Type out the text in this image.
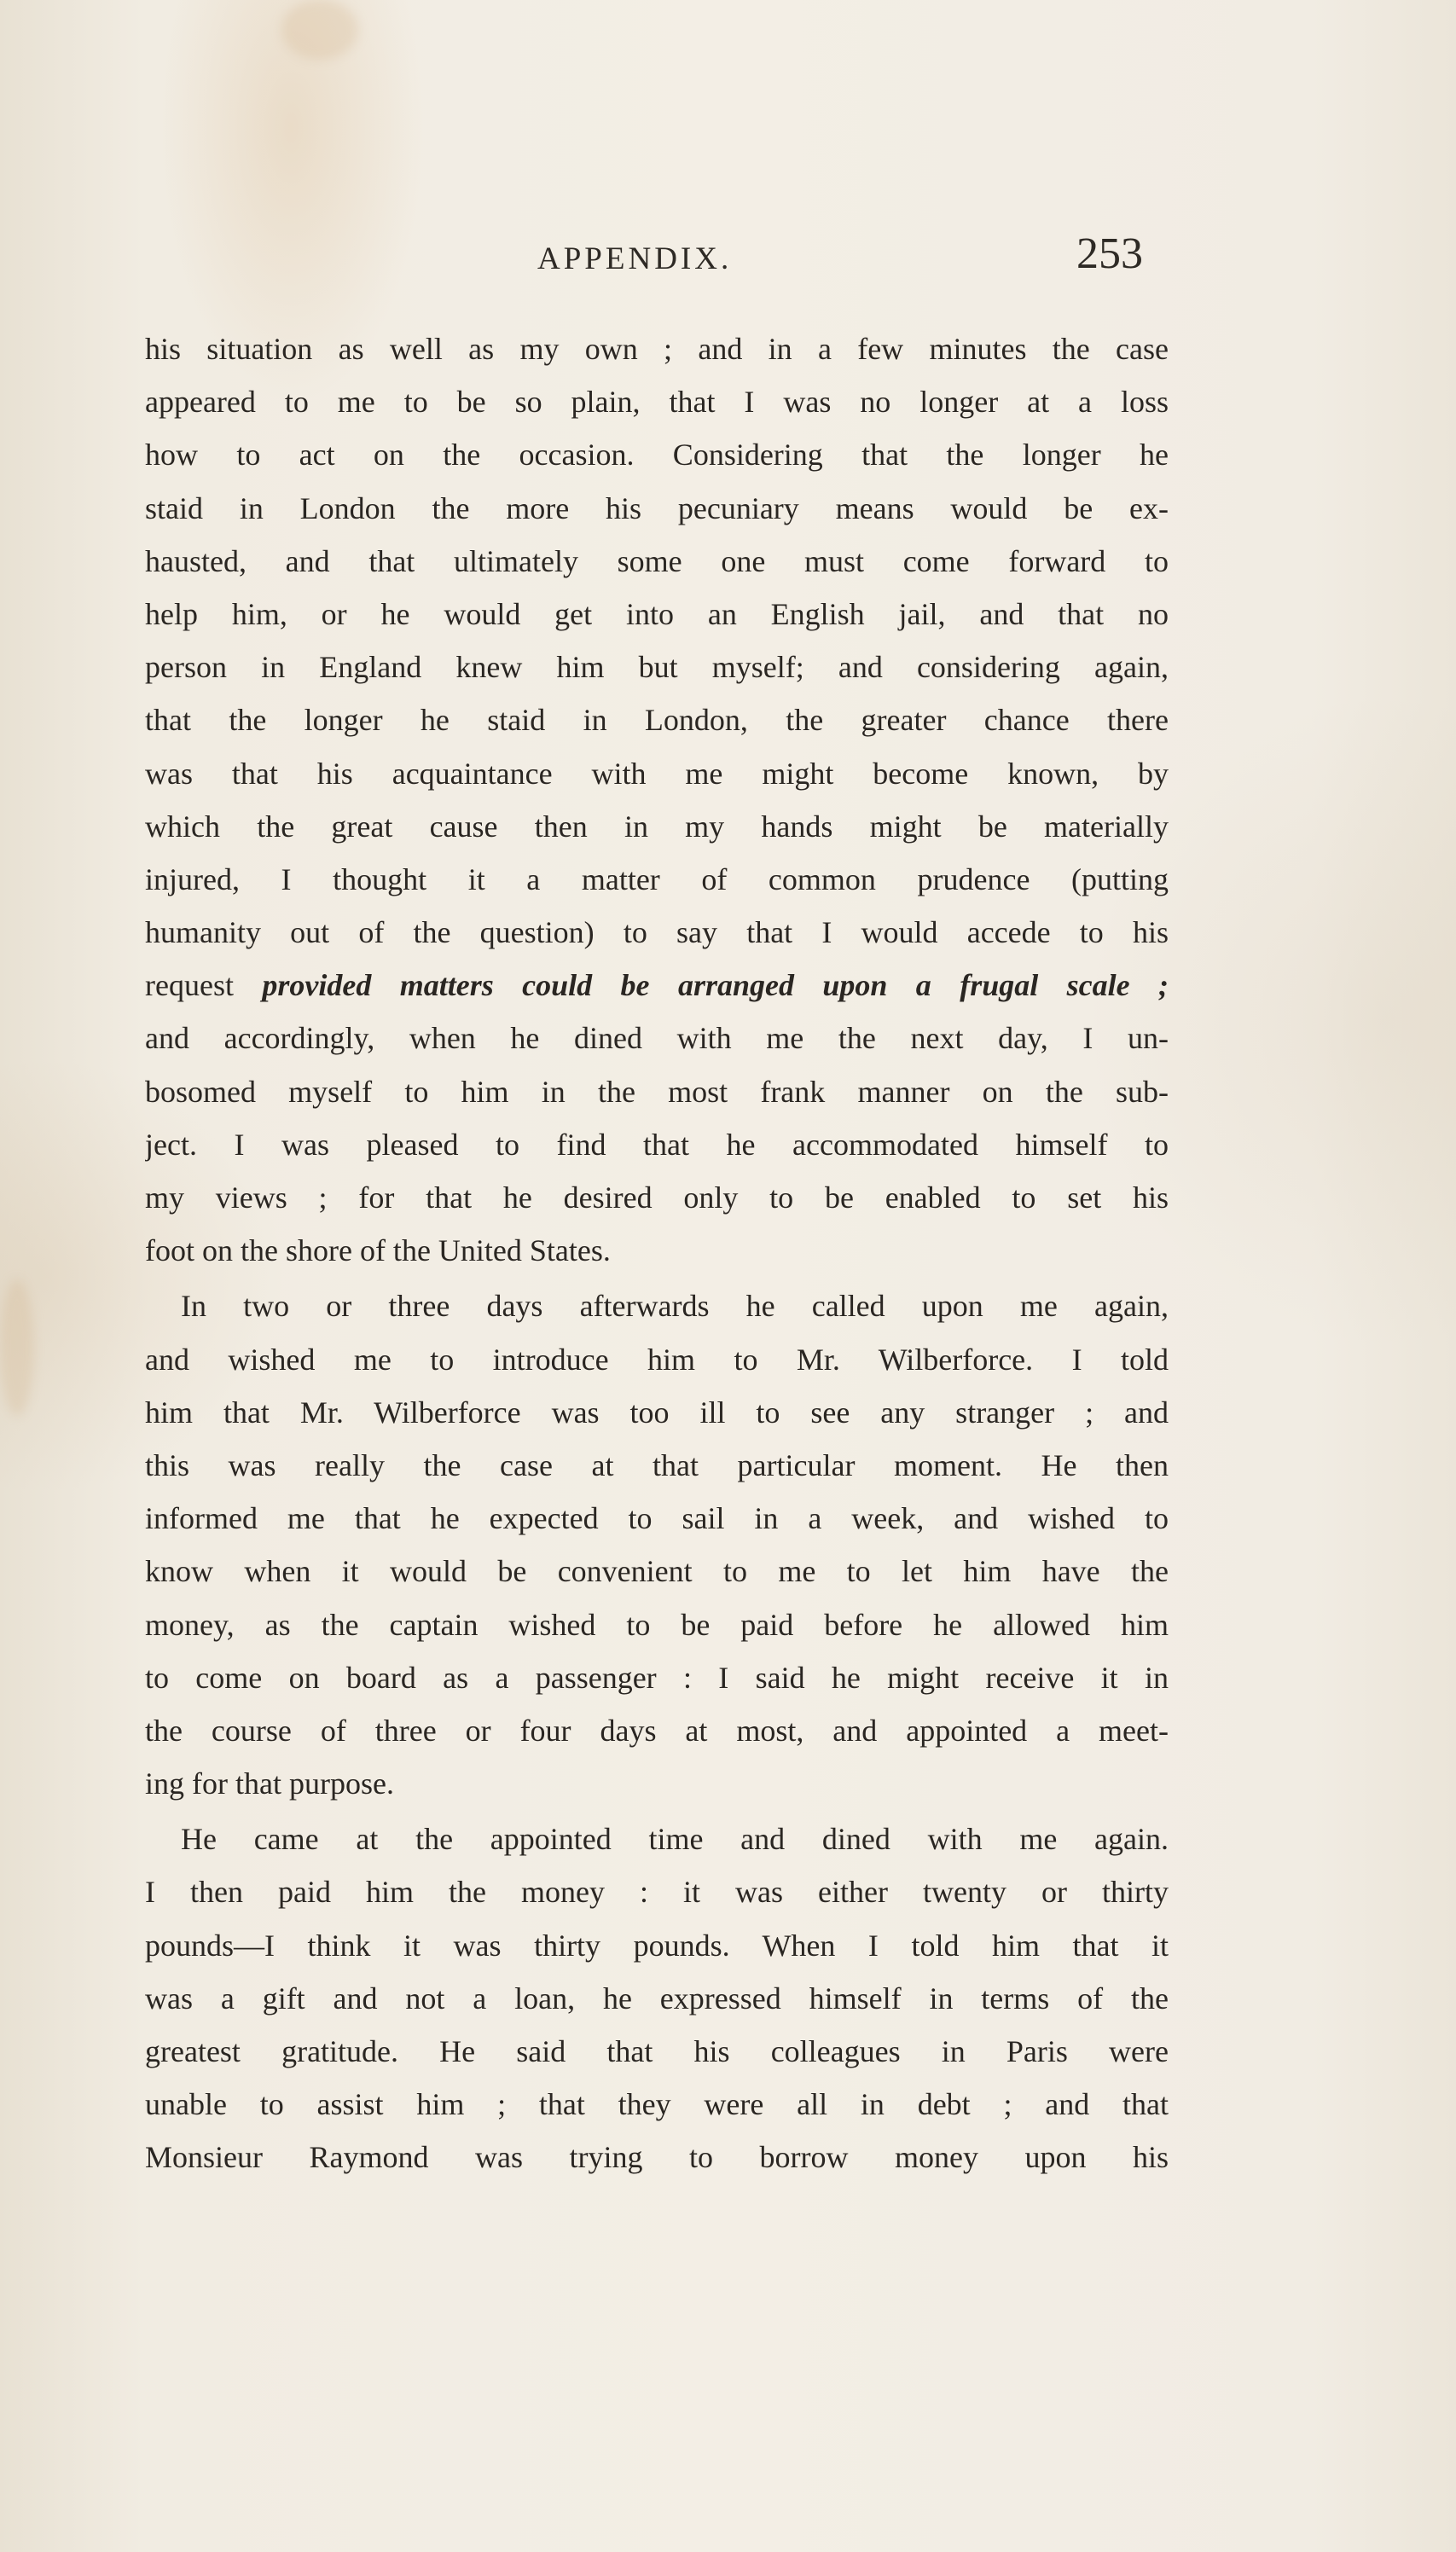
APPENDIX.	253
his situation as well as my own ; and in a few minutes the case
appeared to me to be so plain, that I was no longer at a loss
how to act on the occasion. Considering that the longer he
staid in London the more his pecuniary means would be ex-
hausted, and that ultimately some one must come forward to
help him, or he would get into an English jail, and that no
person in England knew him but myself; and considering again,
that the longer he staid in London, the greater chance there
was that his acquaintance with me might become known, by
which the great cause then in my hands might be materially
injured, I thought it a matter of common prudence (putting
humanity out of the question) to say that I would accede to his
request provided matters could be arranged upon a frugal scale ;
and accordingly, when he dined with me the next day, I un-
bosomed myself to him in the most frank manner on the sub-
ject. I was pleased to find that he accommodated himself to
my views ; for that he desired only to be enabled to set his
foot on the shore of the United States.
In two or three days afterwards he called upon me again,
and wished me to introduce him to Mr. Wilberforce. I told
him that Mr. Wilberforce was too ill to see any stranger ; and
this was really the case at that particular moment. He then
informed me that he expected to sail in a week, and wished to
know when it would be convenient to me to let him have the
money, as the captain wished to be paid before he allowed him
to come on board as a passenger : I said he might receive it in
the course of three or four days at most, and appointed a meet-
ing for that purpose.
He came at the appointed time and dined with me again.
I then paid him the money : it was either twenty or thirty
pounds—I think it was thirty pounds. When I told him that it
was a gift and not a loan, he expressed himself in terms of the
greatest gratitude. He said that his colleagues in Paris were
unable to assist him ; that they were all in debt ; and that
Monsieur Raymond was trying to borrow money upon his
